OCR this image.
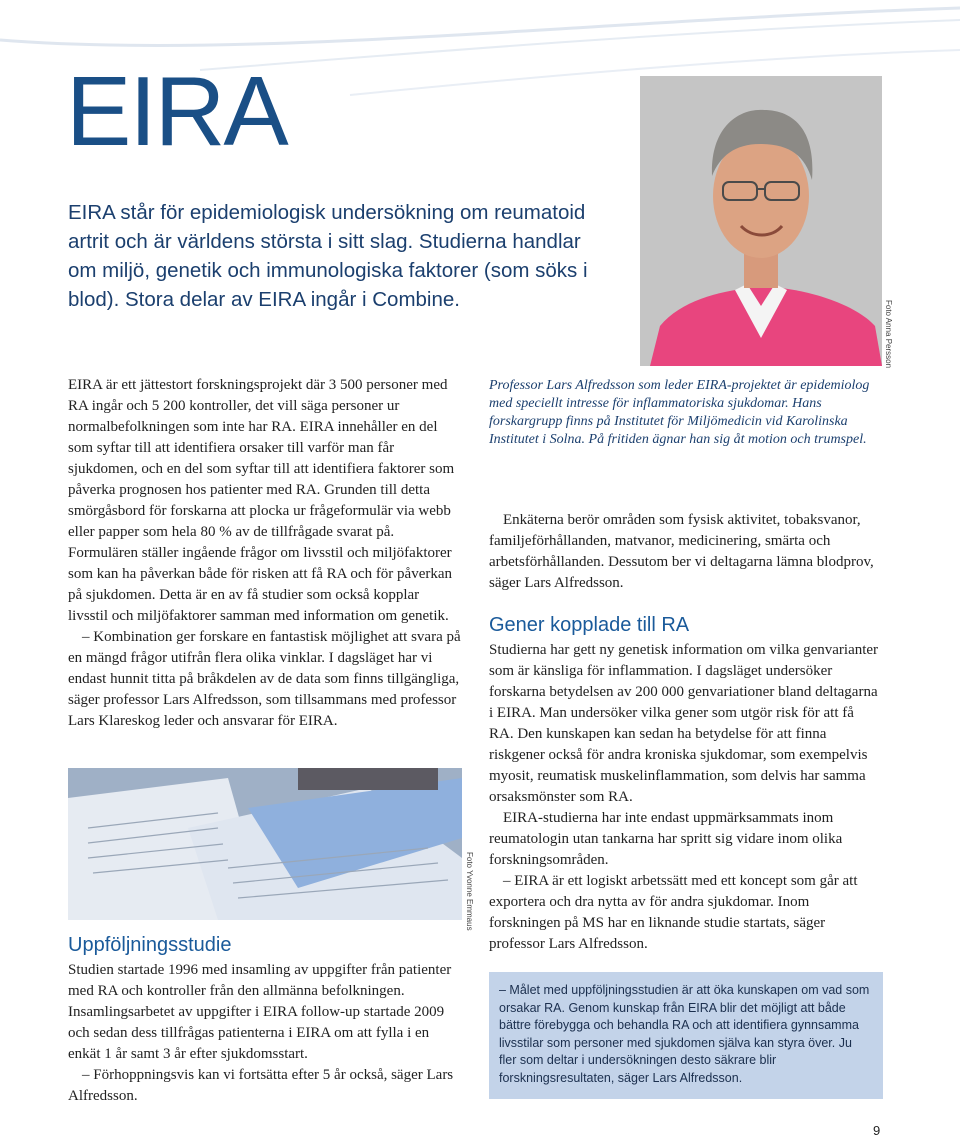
EIRA

EIRA står för epidemiologisk undersökning om reumatoid artrit och är världens största i sitt slag. Studierna handlar om miljö, genetik och immunologiska faktorer (som söks i blod). Stora delar av EIRA ingår i Combine.

Foto Anna Persson

EIRA är ett jättestort forskningsprojekt där 3 500 personer med RA ingår och 5 200 kontroller, det vill säga personer ur normalbefolkningen som inte har RA. EIRA innehåller en del som syftar till att identifiera orsaker till varför man får sjukdomen, och en del som syftar till att identifiera faktorer som påverka prognosen hos patienter med RA. Grunden till detta smörgåsbord för forskarna att plocka ur frågeformulär via webb eller papper som hela 80 % av de tillfrågade svarat på. Formulären ställer ingående frågor om livsstil och miljöfaktorer som kan ha påverkan både för risken att få RA och för påverkan på sjukdomen. Detta är en av få studier som också kopplar livsstil och miljöfaktorer samman med information om genetik.

– Kombination ger forskare en fantastisk möjlighet att svara på en mängd frågor utifrån flera olika vinklar. I dagsläget har vi endast hunnit titta på bråkdelen av de data som finns tillgängliga, säger professor Lars Alfredsson, som tillsammans med professor Lars Klareskog leder och ansvarar för EIRA.

Professor Lars Alfredsson som leder EIRA-projektet är epidemiolog med speciellt intresse för inflammatoriska sjukdomar. Hans forskargrupp finns på Institutet för Miljömedicin vid Karolinska Institutet i Solna. På fritiden ägnar han sig åt motion och trumspel.

Enkäterna berör områden som fysisk aktivitet, tobaksvanor, familjeförhållanden, matvanor, medicinering, smärta och arbetsförhållanden. Dessutom ber vi deltagarna lämna blodprov, säger Lars Alfredsson.

Gener kopplade till RA

Studierna har gett ny genetisk information om vilka genvarianter som är känsliga för inflammation. I dagsläget undersöker forskarna betydelsen av 200 000 genvariationer bland deltagarna i EIRA. Man undersöker vilka gener som utgör risk för att få RA. Den kunskapen kan sedan ha betydelse för att finna riskgener också för andra kroniska sjukdomar, som exempelvis myosit, reumatisk muskelinflammation, som delvis har samma orsaksmönster som RA.

EIRA-studierna har inte endast uppmärksammats inom reumatologin utan tankarna har spritt sig vidare inom olika forskningsområden.

– EIRA är ett logiskt arbetssätt med ett koncept som går att exportera och dra nytta av för andra sjukdomar. Inom forskningen på MS har en liknande studie startats, säger professor Lars Alfredsson.

Foto Yvonne Emmaus
Uppföljningsstudie

Studien startade 1996 med insamling av uppgifter från patienter med RA och kontroller från den allmänna befolkningen. Insamlingsarbetet av uppgifter i EIRA follow-up startade 2009 och sedan dess tillfrågas patienterna i EIRA om att fylla i en enkät 1 år samt 3 år efter sjukdomsstart.

– Förhoppningsvis kan vi fortsätta efter 5 år också, säger Lars Alfredsson.

– Målet med uppföljningsstudien är att öka kunskapen om vad som orsakar RA. Genom kunskap från EIRA blir det möjligt att både bättre förebygga och behandla RA och att identifiera gynnsamma livsstilar som personer med sjukdomen själva kan styra över. Ju fler som deltar i undersökningen desto säkrare blir forskningsresultaten, säger Lars Alfredsson.

9
